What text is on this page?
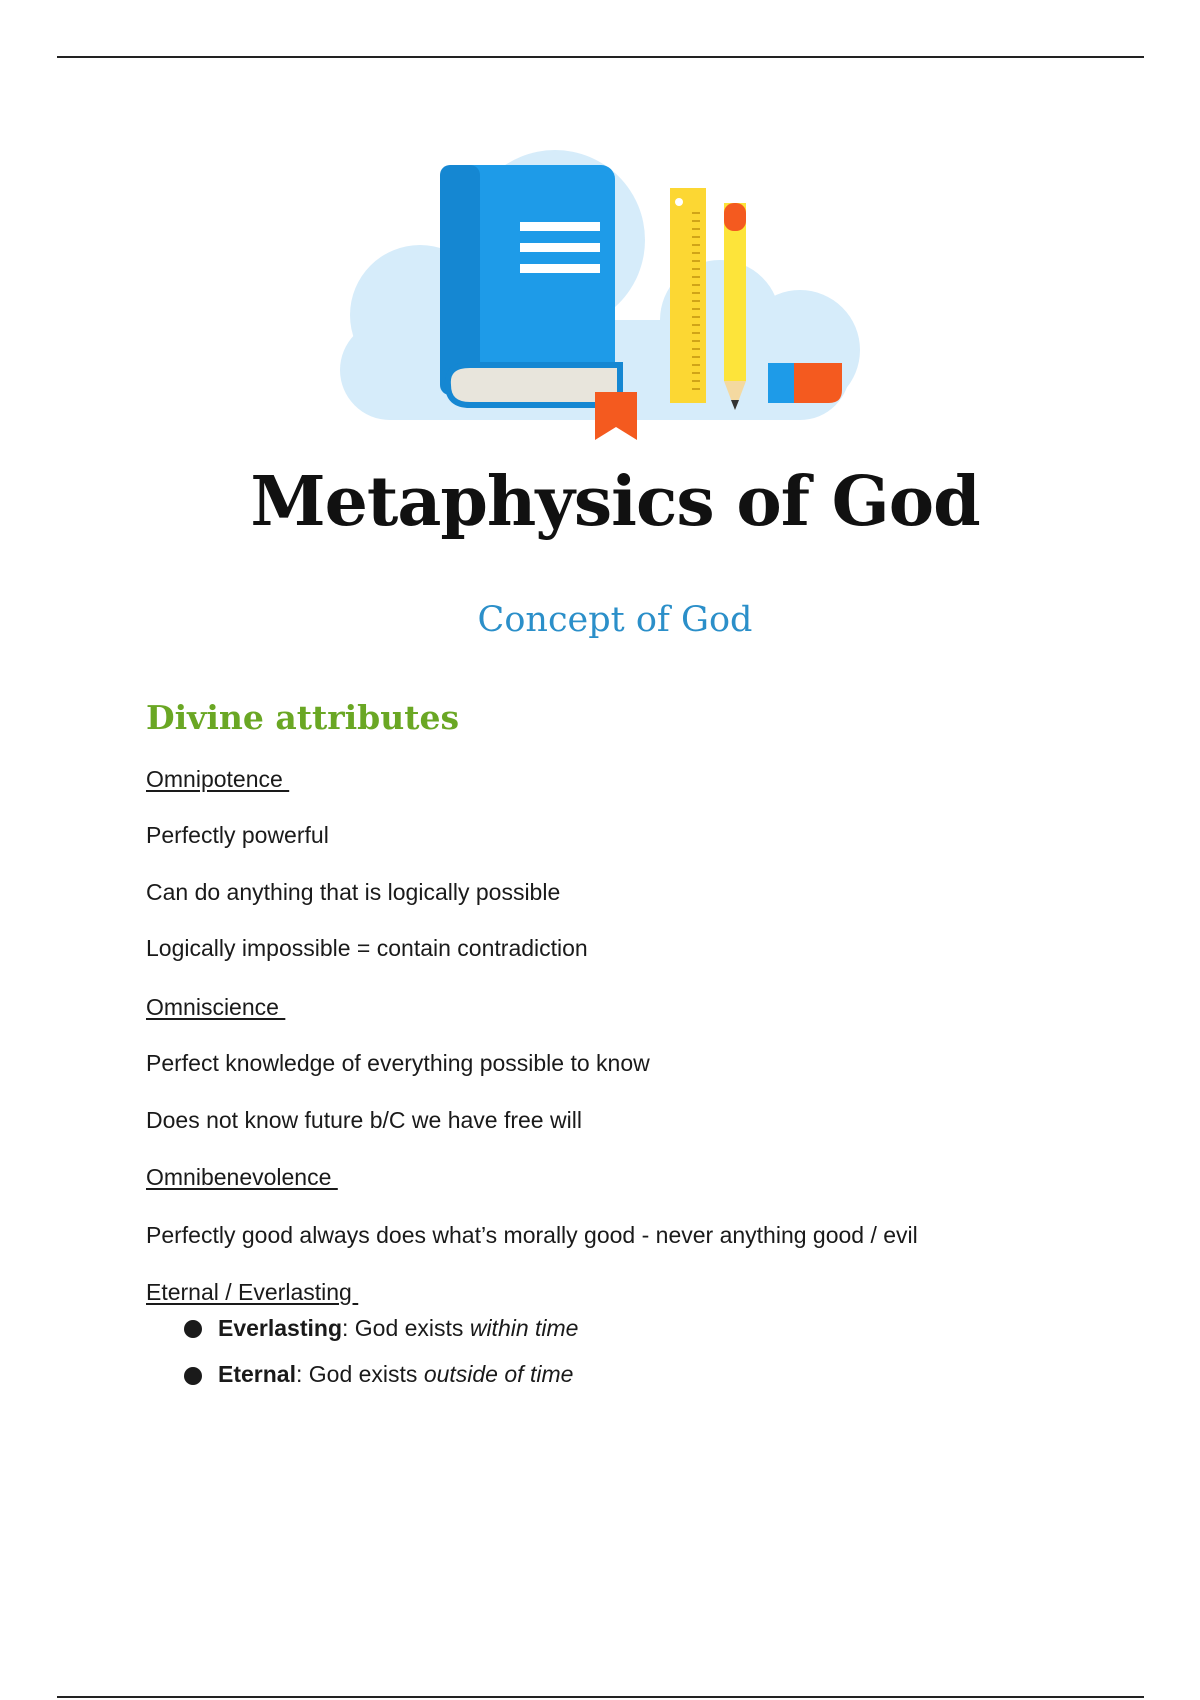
Metaphysics of God
Concept of God
Divine attributes
Omnipotence
Perfectly powerful
Can do anything that is logically possible
Logically impossible = contain contradiction
Omniscience
Perfect knowledge of everything possible to know
Does not know future b/C we have free will
Omnibenevolence
Perfectly good always does what’s morally good - never anything good / evil
Eternal / Everlasting
Everlasting: God exists within time
Eternal: God exists outside of time
